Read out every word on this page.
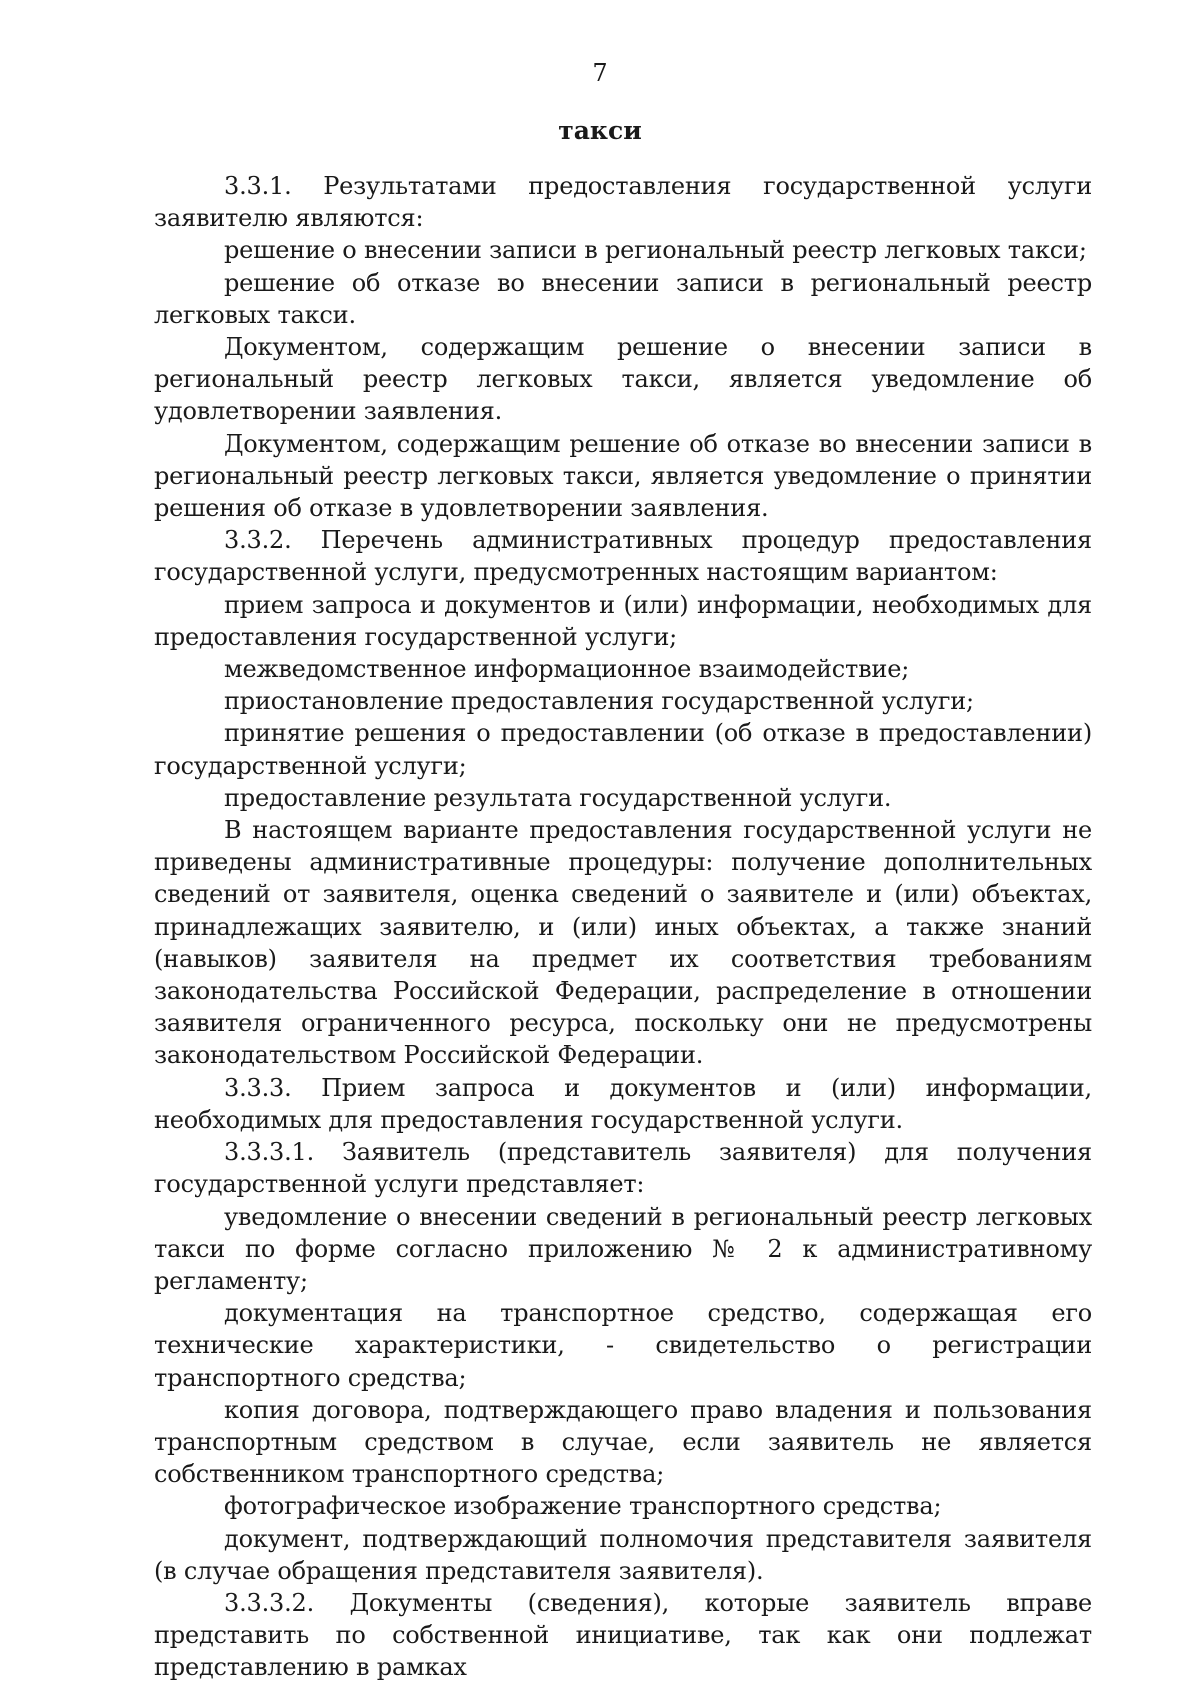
7
такси

3.3.1. Результатами предоставления государственной услуги заявителю являются:

решение о внесении записи в региональный реестр легковых такси;

решение об отказе во внесении записи в региональный реестр легковых такси.

Документом, содержащим решение о внесении записи в региональный реестр легковых такси, является уведомление об удовлетворении заявления.

Документом, содержащим решение об отказе во внесении записи в региональный реестр легковых такси, является уведомление о принятии решения об отказе в удовлетворении заявления.

3.3.2. Перечень административных процедур предоставления государственной услуги, предусмотренных настоящим вариантом:

прием запроса и документов и (или) информации, необходимых для предоставления государственной услуги;

межведомственное информационное взаимодействие;

приостановление предоставления государственной услуги;

принятие решения о предоставлении (об отказе в предоставлении) государственной услуги;

предоставление результата государственной услуги.

В настоящем варианте предоставления государственной услуги не приведены административные процедуры: получение дополнительных сведений от заявителя, оценка сведений о заявителе и (или) объектах, принадлежащих заявителю, и (или) иных объектах, а также знаний (навыков) заявителя на предмет их соответствия требованиям законодательства Российской Федерации, распределение в отношении заявителя ограниченного ресурса, поскольку они не предусмотрены законодательством Российской Федерации.

3.3.3. Прием запроса и документов и (или) информации, необходимых для предоставления государственной услуги.

3.3.3.1. Заявитель (представитель заявителя) для получения государственной услуги представляет:

уведомление о внесении сведений в региональный реестр легковых такси по форме согласно приложению № 2 к административному регламенту;

документация на транспортное средство, содержащая его технические характеристики, - свидетельство о регистрации транспортного средства;

копия договора, подтверждающего право владения и пользования транспортным средством в случае, если заявитель не является собственником транспортного средства;

фотографическое изображение транспортного средства;

документ, подтверждающий полномочия представителя заявителя (в случае обращения представителя заявителя).

3.3.3.2. Документы (сведения), которые заявитель вправе представить по собственной инициативе, так как они подлежат представлению в рамках
